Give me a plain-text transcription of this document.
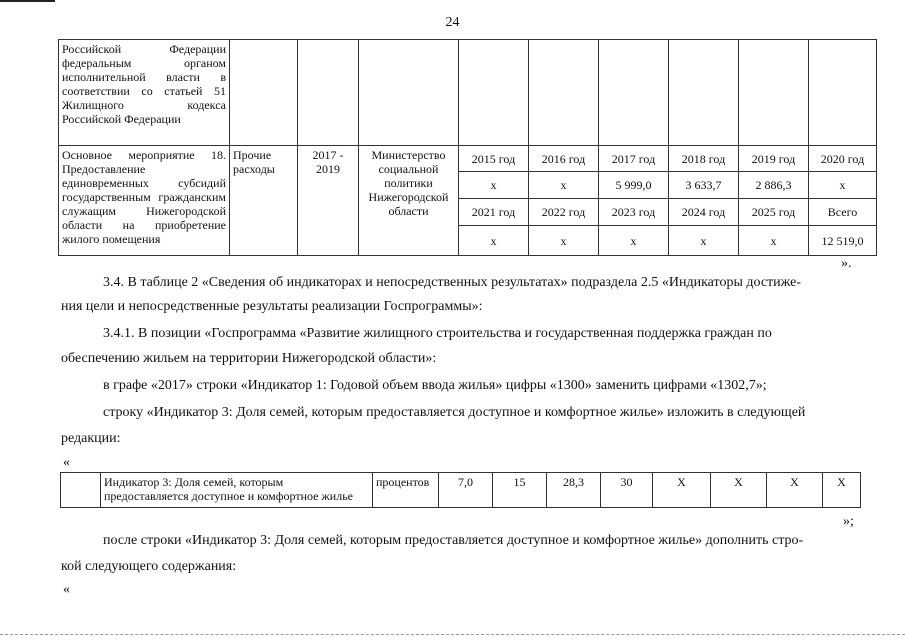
24
Российской Федерации федеральным органом исполнительной власти в соответствии со статьей 51 Жилищного кодекса Российской Федерации									
Основное мероприятие 18. Предоставление единовременных субсидий государственным гражданским служащим Нижегородской области на приобретение жилого помещения	Прочие расходы	2017 - 2019	Министерство социальной политики Нижегородской области	2015 год	2016 год	2017 год	2018 год	2019 год	2020 год
				х	х	5 999,0	3 633,7	2 886,3	х
				2021 год	2022 год	2023 год	2024 год	2025 год	Всего
				х	х	х	х	х	12 519,0
».
3.4. В таблице 2 «Сведения об индикаторах и непосредственных результатах» подраздела 2.5 «Индикаторы достиже-
ния цели и непосредственные результаты реализации Госпрограммы»:
3.4.1. В позиции «Госпрограмма «Развитие жилищного строительства и государственная поддержка граждан по
обеспечению жильем на территории Нижегородской области»:
в графе «2017» строки «Индикатор 1: Годовой объем ввода жилья» цифры «1300» заменить цифрами «1302,7»;
строку «Индикатор 3: Доля семей, которым предоставляется доступное и комфортное жилье» изложить в следующей
редакции:
«
	Индикатор 3: Доля семей, которым предоставляется доступное и комфортное жилье	процентов	7,0	15	28,3	30	Х	Х	Х	Х
»;
после строки «Индикатор 3: Доля семей, которым предоставляется доступное и комфортное жилье» дополнить стро-
кой следующего содержания:
«
